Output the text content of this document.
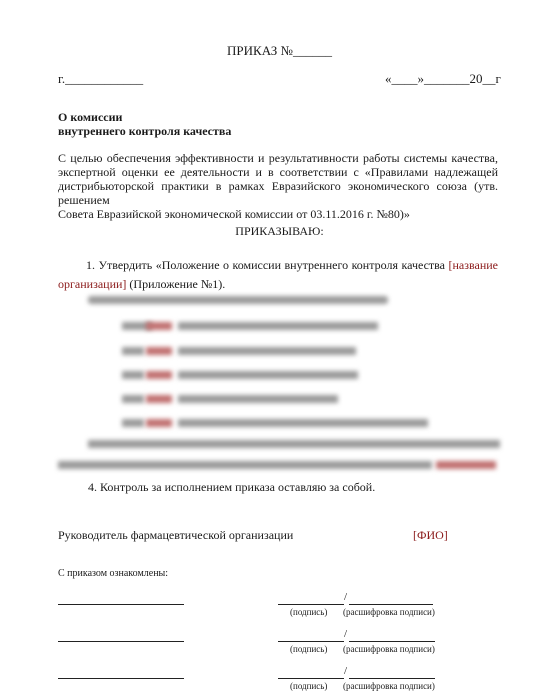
ПРИКАЗ №______
г.____________	«____»_______20__г
О комиссии
внутреннего контроля качества
С целью обеспечения эффективности и результативности работы системы качества,
экспертной оценки ее деятельности и в соответствии с «Правилами надлежащей
дистрибьюторской практики в рамках Евразийского экономического союза (утв. решением
Совета Евразийской экономической комиссии от 03.11.2016 г. №80)»
ПРИКАЗЫВАЮ:
1. Утвердить «Положение о комиссии внутреннего контроля качества [название
организации] (Приложение №1).
4. Контроль за исполнением приказа оставляю за собой.
Руководитель фармацевтической организации	[ФИО]
С приказом ознакомлены:
/
(подпись) (расшифровка подписи)
/
(подпись) (расшифровка подписи)
/
(подпись) (расшифровка подписи)
